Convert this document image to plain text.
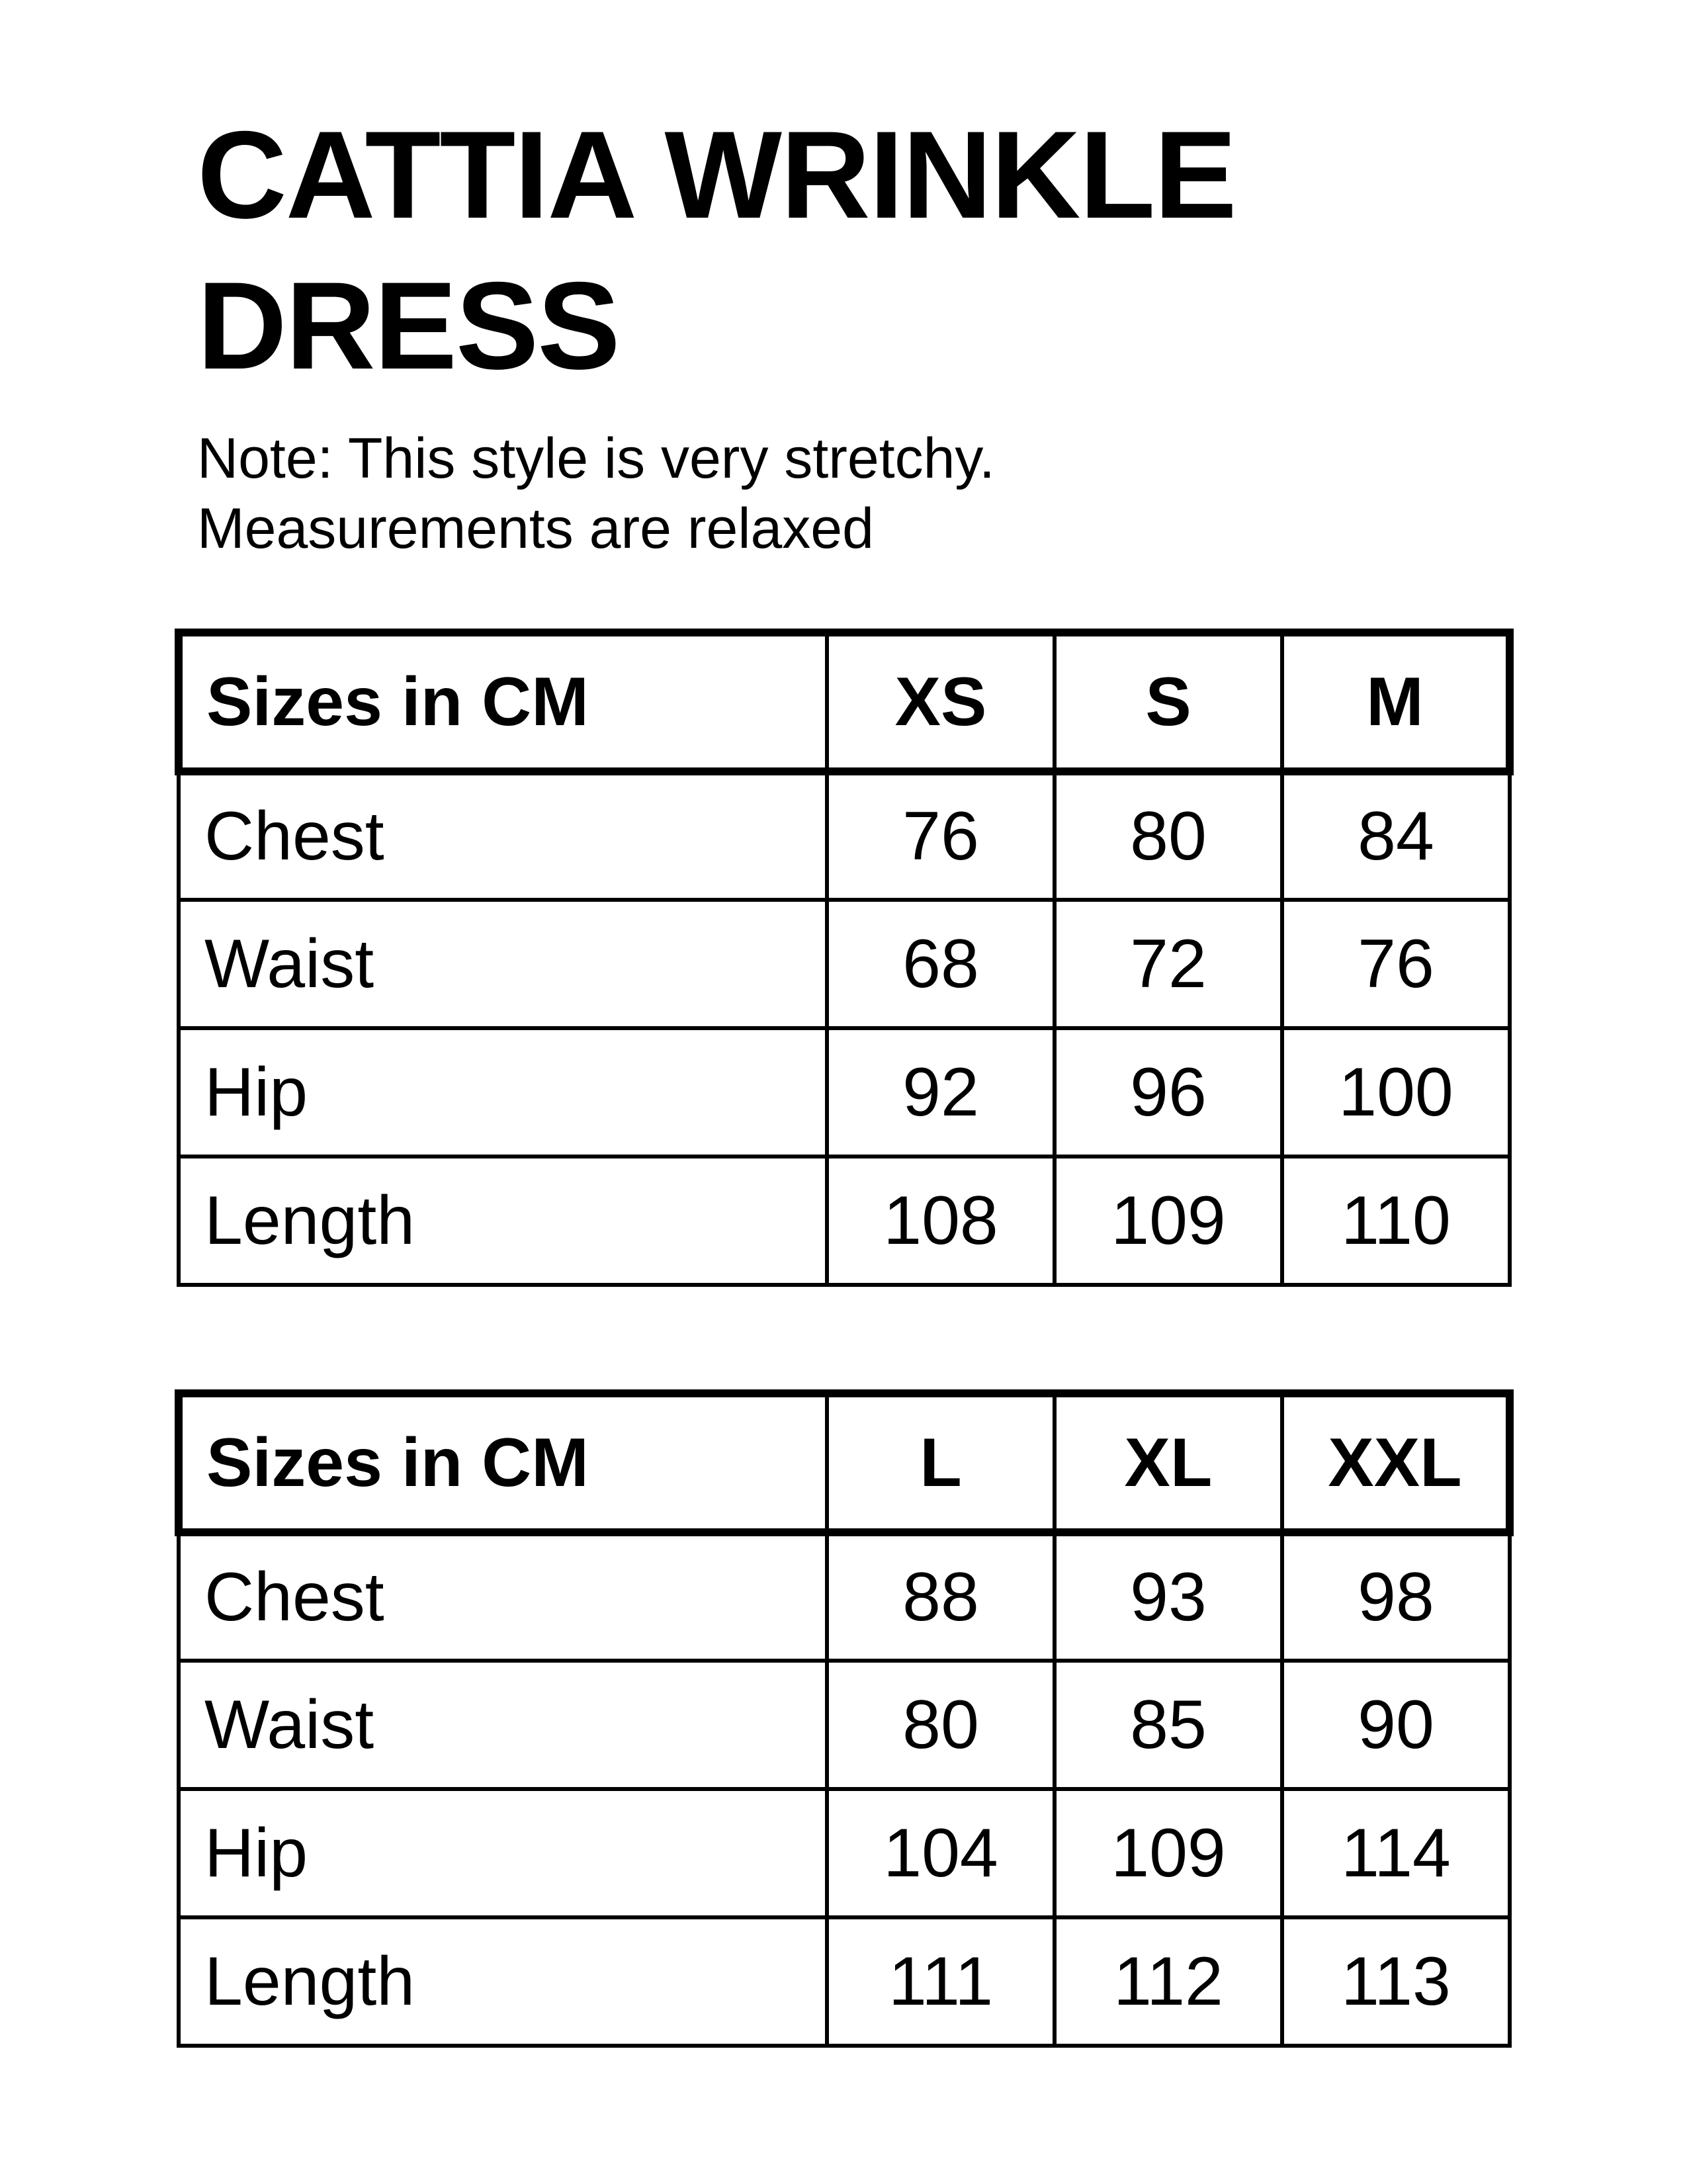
CATTIA WRINKLE
DRESS

Note: This style is very stretchy.
Measurements are relaxed

Sizes in CM	XS	S	M
Chest	76	80	84
Waist	68	72	76
Hip	92	96	100
Length	108	109	110
Sizes in CM	L	XL	XXL
Chest	88	93	98
Waist	80	85	90
Hip	104	109	114
Length	111	112	113
